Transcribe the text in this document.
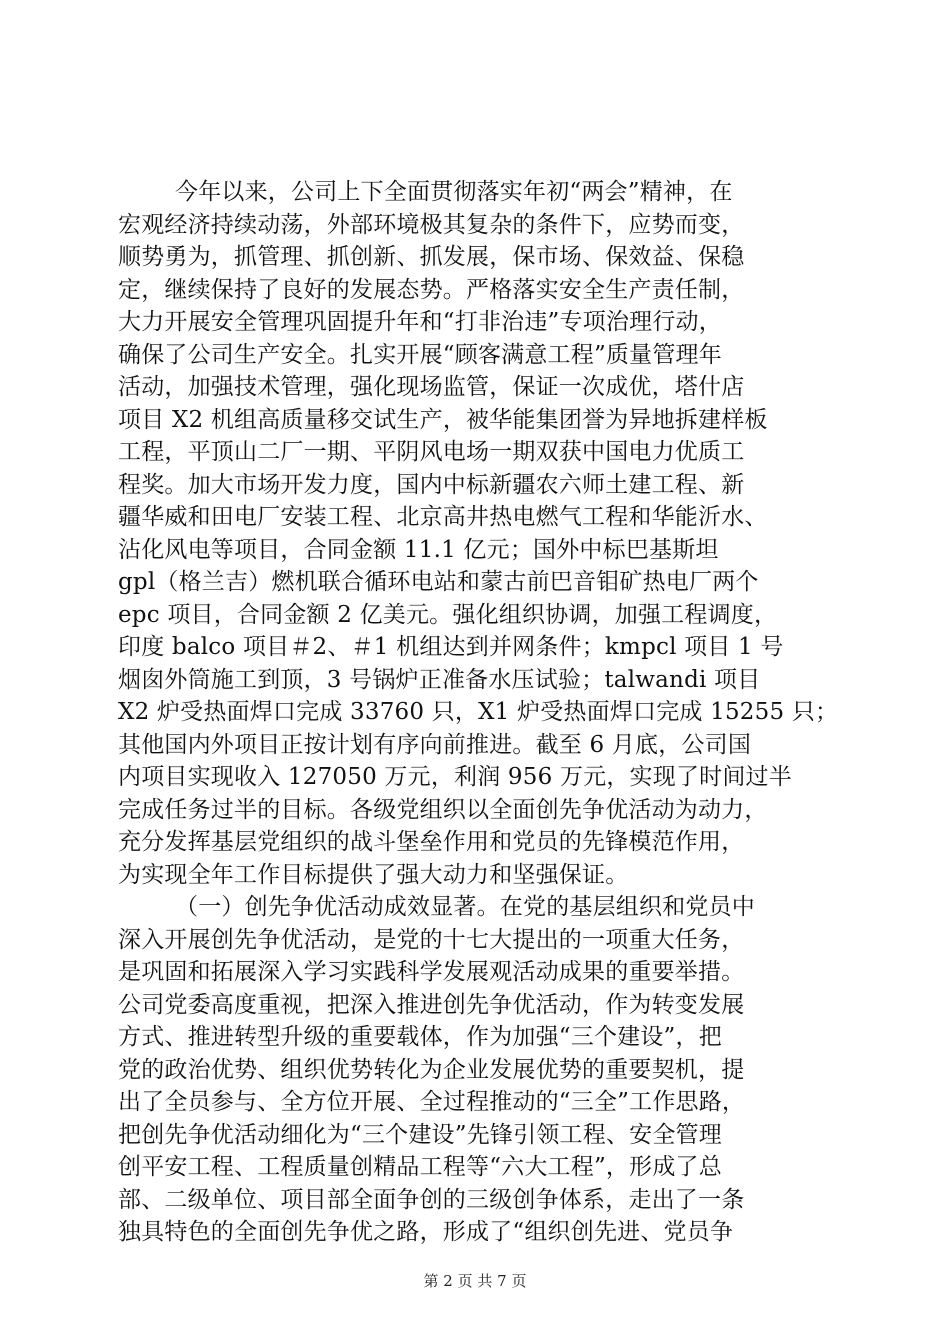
今年以来，公司上下全面贯彻落实年初“两会”精神，在
宏观经济持续动荡，外部环境极其复杂的条件下，应势而变，
顺势勇为，抓管理、抓创新、抓发展，保市场、保效益、保稳
定，继续保持了良好的发展态势。严格落实安全生产责任制，
大力开展安全管理巩固提升年和“打非治违”专项治理行动，
确保了公司生产安全。扎实开展“顾客满意工程”质量管理年
活动，加强技术管理，强化现场监管，保证一次成优，塔什店
项目 X2 机组高质量移交试生产，被华能集团誉为异地拆建样板
工程，平顶山二厂一期、平阴风电场一期双获中国电力优质工
程奖。加大市场开发力度，国内中标新疆农六师土建工程、新
疆华威和田电厂安装工程、北京高井热电燃气工程和华能沂水、
沾化风电等项目，合同金额 11.1 亿元；国外中标巴基斯坦
gpl（格兰吉）燃机联合循环电站和蒙古前巴音钼矿热电厂两个
epc 项目，合同金额 2 亿美元。强化组织协调，加强工程调度，
印度 balco 项目＃2、＃1 机组达到并网条件；kmpcl 项目 1 号
烟囱外筒施工到顶，3 号锅炉正准备水压试验；talwandi 项目
X2 炉受热面焊口完成 33760 只，X1 炉受热面焊口完成 15255 只；
其他国内外项目正按计划有序向前推进。截至 6 月底，公司国
内项目实现收入 127050 万元，利润 956 万元，实现了时间过半
完成任务过半的目标。各级党组织以全面创先争优活动为动力，
充分发挥基层党组织的战斗堡垒作用和党员的先锋模范作用，
为实现全年工作目标提供了强大动力和坚强保证。
（一）创先争优活动成效显著。在党的基层组织和党员中
深入开展创先争优活动，是党的十七大提出的一项重大任务，
是巩固和拓展深入学习实践科学发展观活动成果的重要举措。
公司党委高度重视，把深入推进创先争优活动，作为转变发展
方式、推进转型升级的重要载体，作为加强“三个建设”，把
党的政治优势、组织优势转化为企业发展优势的重要契机，提
出了全员参与、全方位开展、全过程推动的“三全”工作思路，
把创先争优活动细化为“三个建设”先锋引领工程、安全管理
创平安工程、工程质量创精品工程等“六大工程”，形成了总
部、二级单位、项目部全面争创的三级创争体系，走出了一条
独具特色的全面创先争优之路，形成了“组织创先进、党员争
第 2 页 共 7 页
